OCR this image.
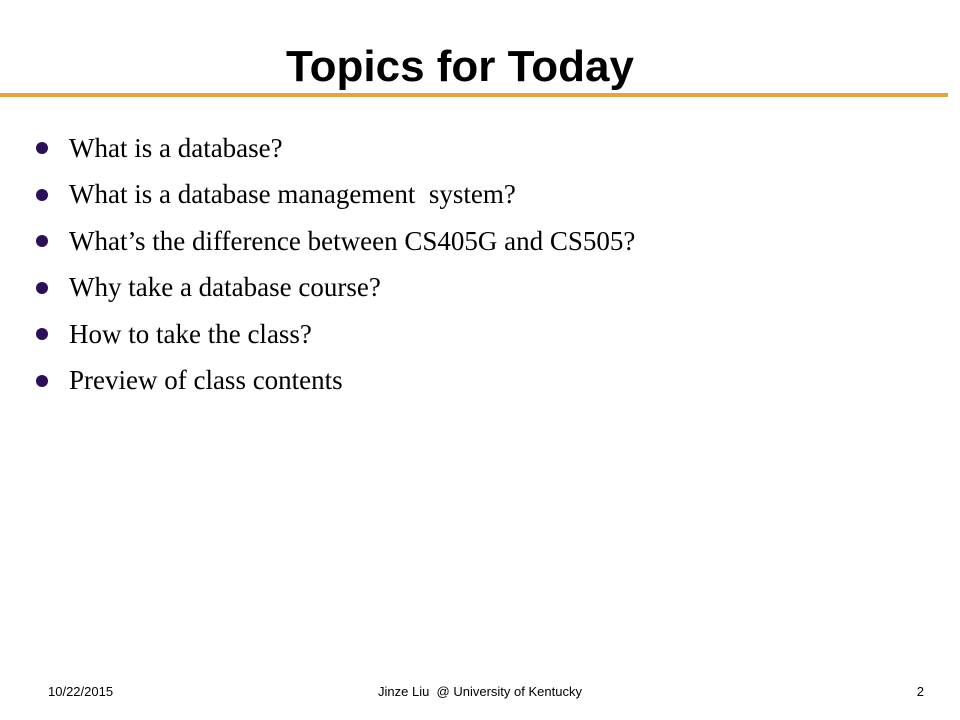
Topics for Today
What is a database?
What is a database management  system?
What’s the difference between CS405G and CS505?
Why take a database course?
How to take the class?
Preview of class contents
Jinze Liu  @ University of Kentucky
10/22/2015	2
